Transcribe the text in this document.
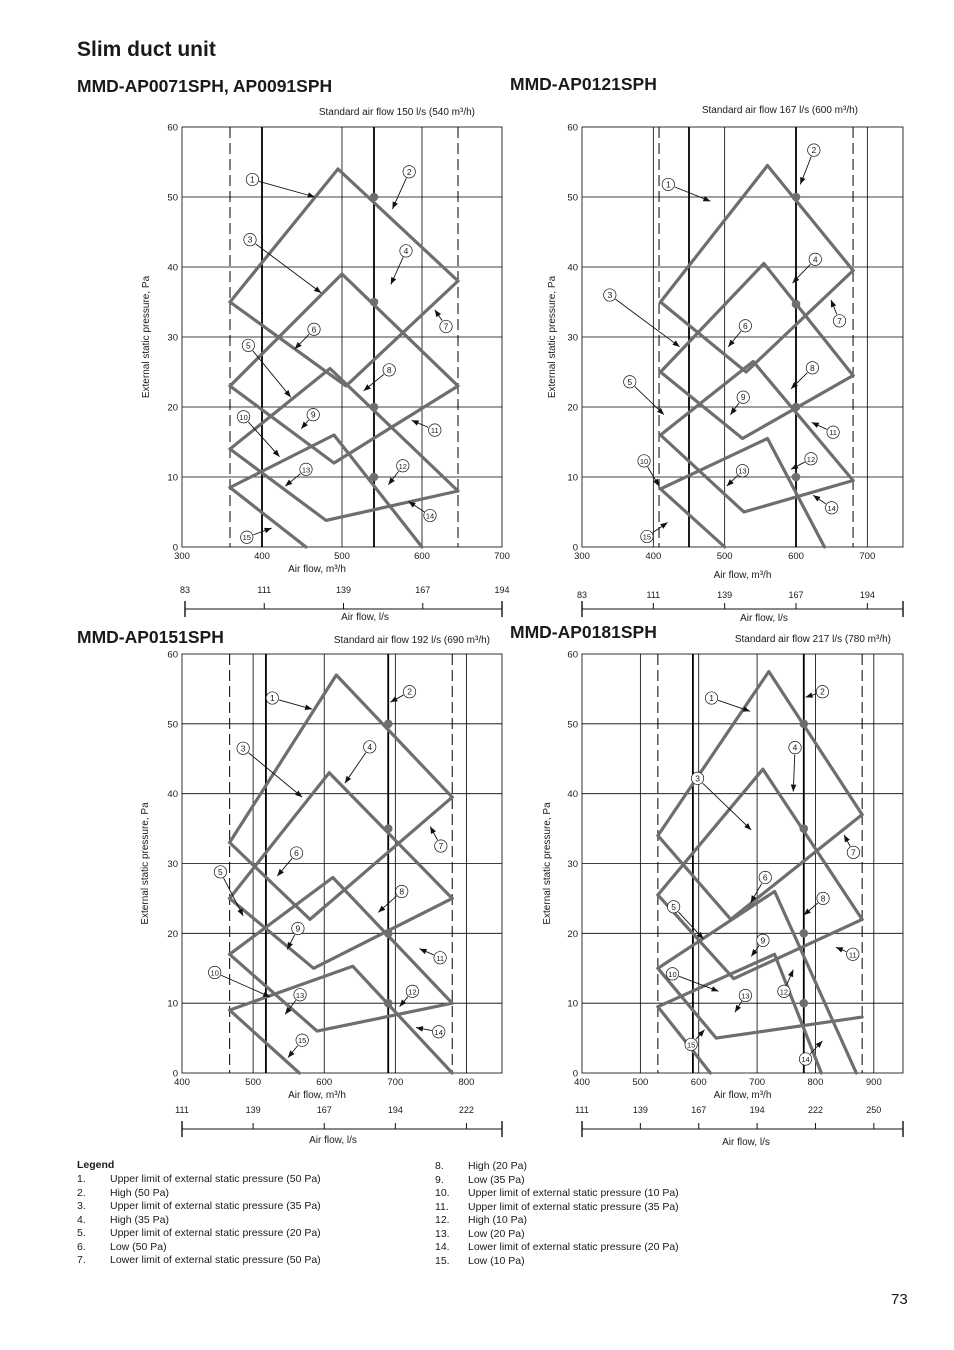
Slim duct unit
MMD-AP0071SPH, AP0091SPH	MMD-AP0121SPH
MMD-AP0151SPH	MMD-AP0181SPH
0
10
20
30
40
50
60
300	400	500	600	700
1
2
3
4
5
6	7
8
9
10
11
12
13
14
15
Standard air flow 150 l/s (540 m³/h)
External static pressure, Pa
Air flow, m³/h
83	111	139	167	194
Air flow, l/s
0
10
20
30
40
50
60
300	400	500	600	700
1
2
3
4
5
6	7
8
9
10
11
12
13
14
15
Standard air flow 167 l/s (600 m³/h)
External static pressure, Pa
Air flow, m³/h
83	111	139	167	194
Air flow, l/s
0
10
20
30
40
50
60
400	500	600	700	800
1
2
3	4
5
6
7
8
9
10
11
12
13
14
15
Standard air flow 192 l/s (690 m³/h)
External static pressure, Pa
Air flow, m³/h
111	139	167	194	222
Air flow, l/s
0
10
20
30
40
50
60
400	500	600	700	800	900
1
2
3
4
5
6
7
8
9
10
11
12
13
14
15
Standard air flow 217 l/s (780 m³/h)
External static pressure, Pa
Air flow, m³/h
111	139	167	194	222	250
Air flow, l/s
Legend
1. Upper limit of external static pressure (50 Pa)
2. High (50 Pa)
3. Upper limit of external static pressure (35 Pa)
4. High (35 Pa)
5. Upper limit of external static pressure (20 Pa)
6. Low (50 Pa)
7. Lower limit of external static pressure (50 Pa)
8. High (20 Pa)
9. Low (35 Pa)
10. Upper limit of external static pressure (10 Pa)
11. Upper limit of external static pressure (35 Pa)
12. High (10 Pa)
13. Low (20 Pa)
14. Lower limit of external static pressure (20 Pa)
15. Low (10 Pa)
73
